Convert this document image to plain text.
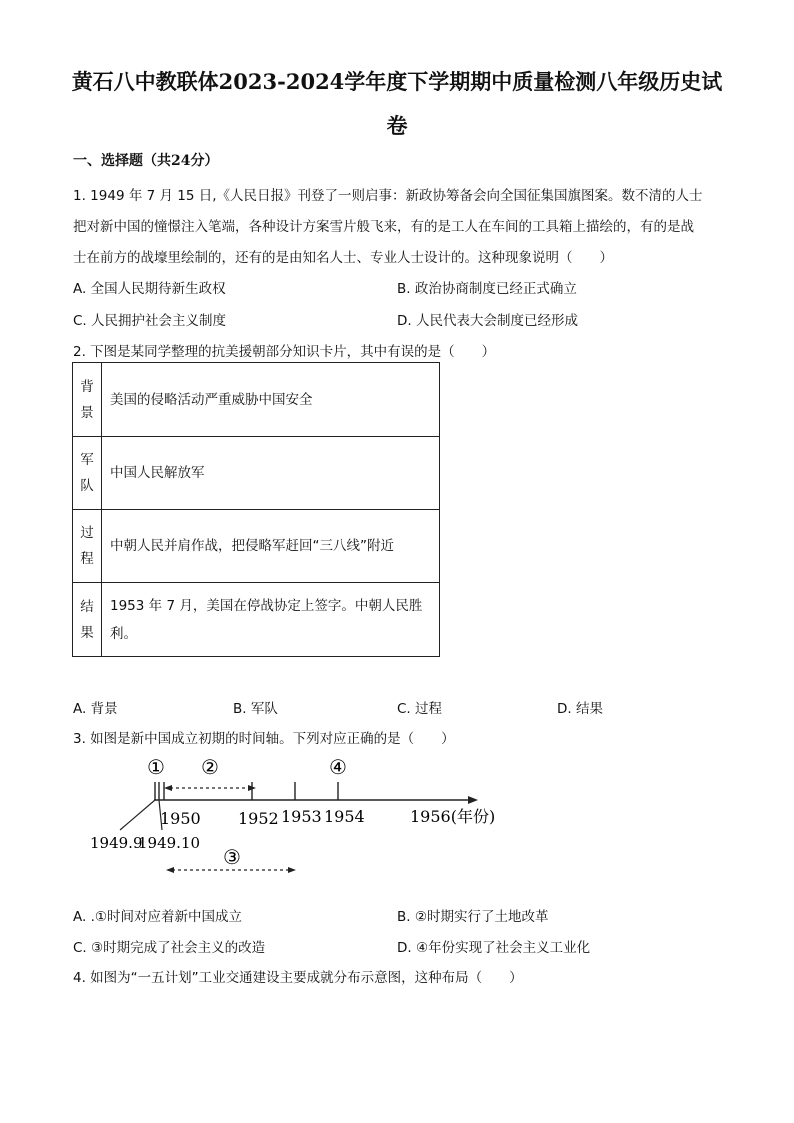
黄石八中教联体2023-2024学年度下学期期中质量检测八年级历史试
卷
一、选择题（共24分）
1. 1949 年 7 月 15 日,《人民日报》刊登了一则启事：新政协筹备会向全国征集国旗图案。数不清的人士
把对新中国的憧憬注入笔端，各种设计方案雪片般飞来，有的是工人在车间的工具箱上描绘的，有的是战
士在前方的战壕里绘制的，还有的是由知名人士、专业人士设计的。这种现象说明（　　）
A. 全国人民期待新生政权	B. 政治协商制度已经正式确立
C. 人民拥护社会主义制度	D. 人民代表大会制度已经形成
2. 下图是某同学整理的抗美援朝部分知识卡片，其中有误的是（　　）
背
景	美国的侵略活动严重威胁中国安全
军
队	中国人民解放军
过
程	中朝人民并肩作战，把侵略军赶回“三八线”附近
结
果	1953 年 7 月，美国在停战协定上签字。中朝人民胜利。
A. 背景	B. 军队	C. 过程	D. 结果
3. 如图是新中国成立初期的时间轴。下列对应正确的是（　　）
① ②	④
1950 1952 1953 1954	1956(年份)
1949.9
1949.10
③
A. .①时间对应着新中国成立	B. ②时期实行了土地改革
C. ③时期完成了社会主义的改造	D. ④年份实现了社会主义工业化
4. 如图为“一五计划”工业交通建设主要成就分布示意图，这种布局（　　）
